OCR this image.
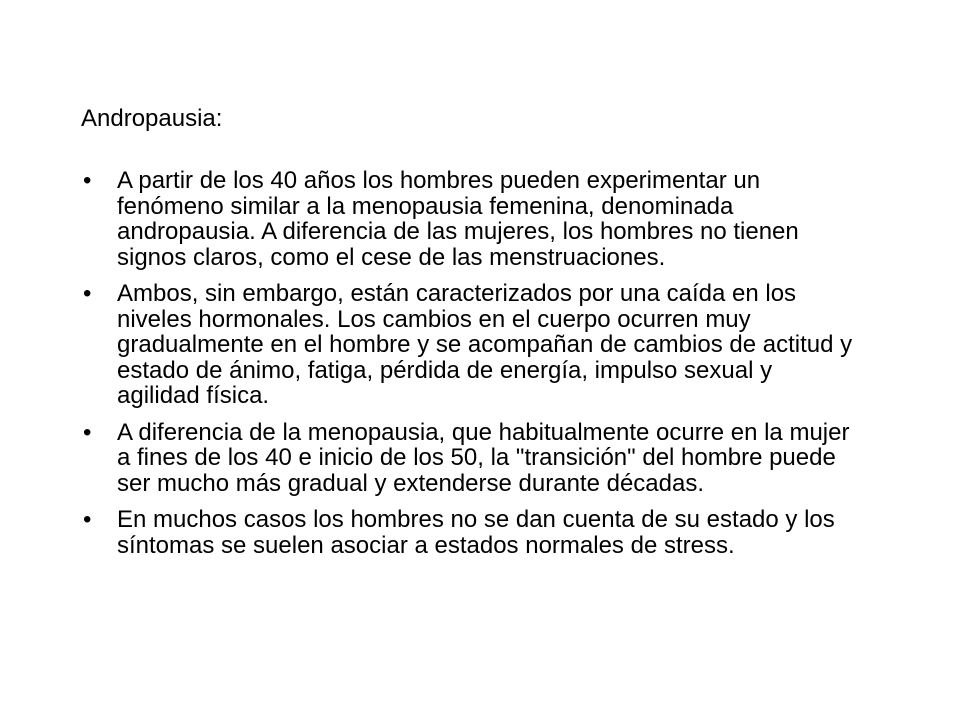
Andropausia:
• A partir de los 40 años los hombres pueden experimentar un fenómeno similar a la menopausia femenina, denominada andropausia. A diferencia de las mujeres, los hombres no tienen signos claros, como el cese de las menstruaciones.
• Ambos, sin embargo, están caracterizados por una caída en los niveles hormonales. Los cambios en el cuerpo ocurren muy gradualmente en el hombre y se acompañan de cambios de actitud y estado de ánimo, fatiga, pérdida de energía, impulso sexual y agilidad física.
• A diferencia de la menopausia, que habitualmente ocurre en la mujer a fines de los 40 e inicio de los 50, la "transición" del hombre puede ser mucho más gradual y extenderse durante décadas.
• En muchos casos los hombres no se dan cuenta de su estado y los síntomas se suelen asociar a estados normales de stress.
